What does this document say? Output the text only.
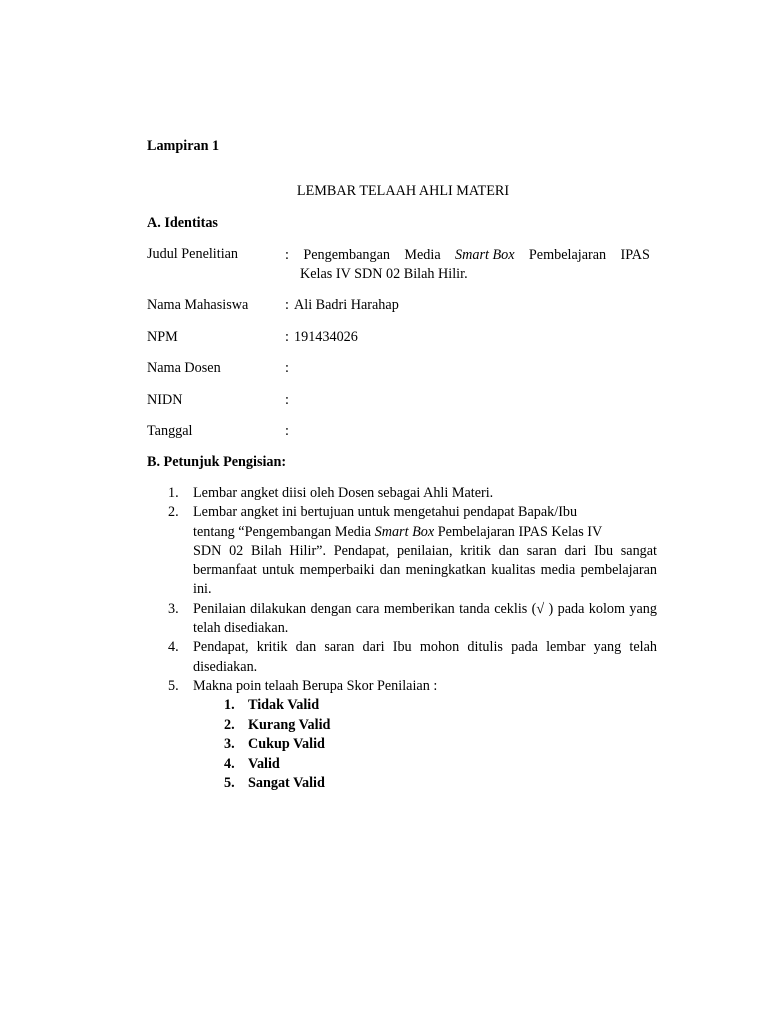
Lampiran 1
LEMBAR TELAAH AHLI MATERI
A. Identitas
Judul Penelitian	: Pengembangan Media Smart Box Pembelajaran IPAS
Kelas IV SDN 02 Bilah Hilir.
Nama Mahasiswa	: Ali Badri Harahap
NPM	: 191434026
Nama Dosen	:
NIDN	:
Tanggal	:
B. Petunjuk Pengisian:
1. Lembar angket diisi oleh Dosen sebagai Ahli Materi.

2. Lembar angket ini bertujuan untuk mengetahui pendapat Bapak/Ibu
tentang “Pengembangan Media Smart Box Pembelajaran IPAS Kelas IV
SDN 02 Bilah Hilir”. Pendapat, penilaian, kritik dan saran dari Ibu sangat bermanfaat untuk memperbaiki dan meningkatkan kualitas media pembelajaran ini.

3. Penilaian dilakukan dengan cara memberikan tanda ceklis (√ ) pada kolom yang telah disediakan.

4. Pendapat, kritik dan saran dari Ibu mohon ditulis pada lembar yang telah disediakan.

5. Makna poin telaah Berupa Skor Penilaian :

1. Tidak Valid
2. Kurang Valid
3. Cukup Valid
4. Valid
5. Sangat Valid
